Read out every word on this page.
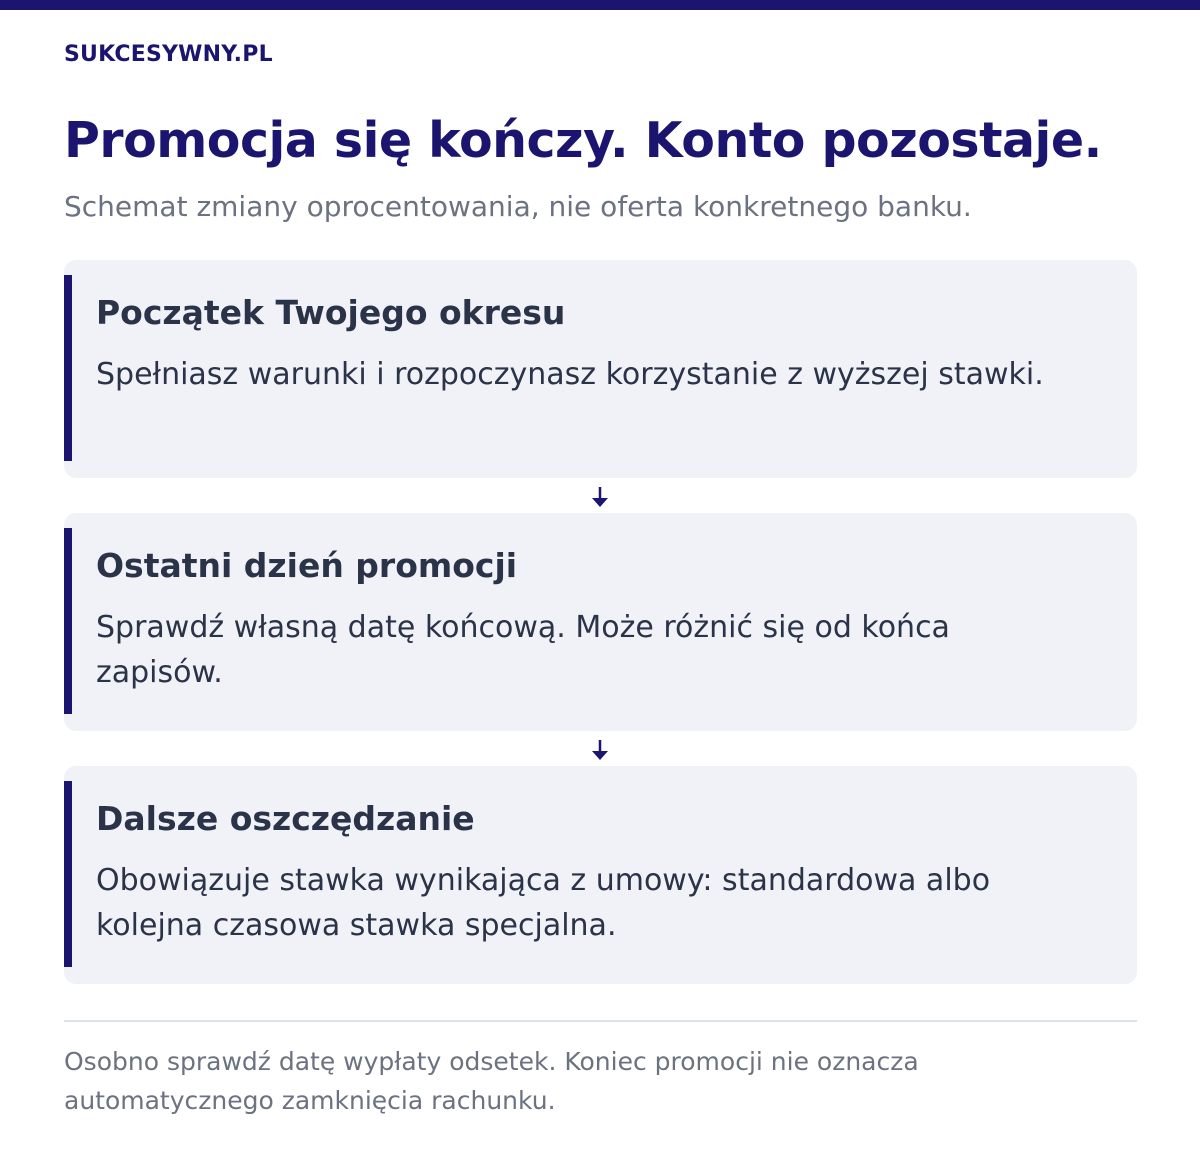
SUKCESYWNY.PL
Promocja się kończy. Konto pozostaje.
Schemat zmiany oprocentowania, nie oferta konkretnego banku.
Początek Twojego okresu
Spełniasz warunki i rozpoczynasz korzystanie z wyższej stawki.
Ostatni dzień promocji
Sprawdź własną datę końcową. Może różnić się od końca zapisów.
Dalsze oszczędzanie
Obowiązuje stawka wynikająca z umowy: standardowa albo kolejna czasowa stawka specjalna.
Osobno sprawdź datę wypłaty odsetek. Koniec promocji nie oznacza automatycznego zamknięcia rachunku.
